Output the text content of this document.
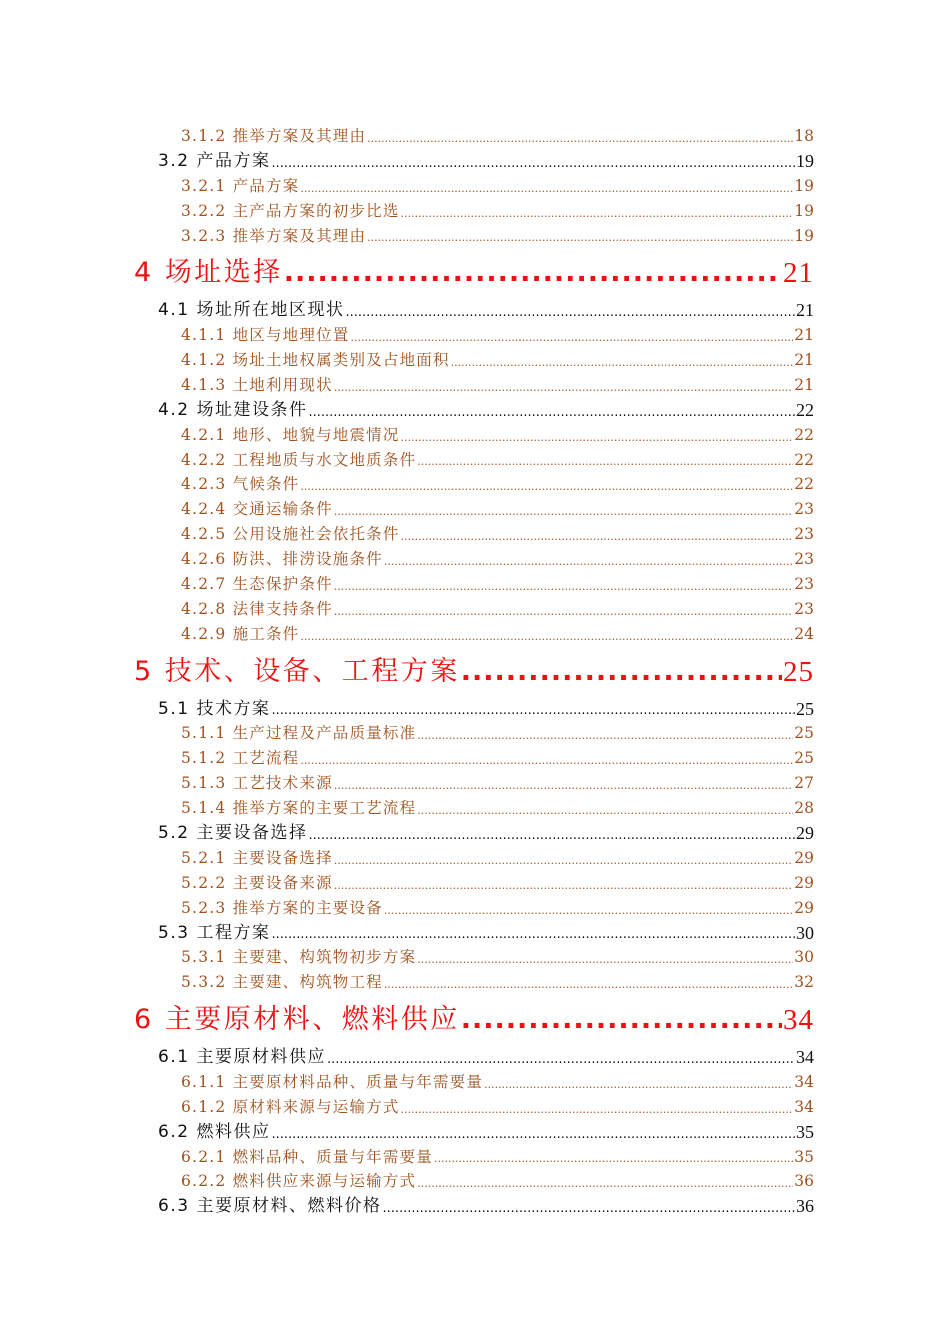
3.1.2 推举方案及其理由 .....	18
3.2 产品方案 .....	19
3.2.1 产品方案 .....	19
3.2.2 主产品方案的初步比选 .....	19
3.2.3 推举方案及其理由 .....	19
4 场址选择 .....	21
4.1 场址所在地区现状 .....	21
4.1.1 地区与地理位置 .....	21
4.1.2 场址土地权属类别及占地面积 .....	21
4.1.3 土地利用现状 .....	21
4.2 场址建设条件 .....	22
4.2.1 地形、地貌与地震情况 .....	22
4.2.2 工程地质与水文地质条件 .....	22
4.2.3 气候条件 .....	22
4.2.4 交通运输条件 .....	23
4.2.5 公用设施社会依托条件 .....	23
4.2.6 防洪、排涝设施条件 .....	23
4.2.7 生态保护条件 .....	23
4.2.8 法律支持条件 .....	23
4.2.9 施工条件 .....	24
5 技术、设备、工程方案 .....	25
5.1 技术方案 .....	25
5.1.1 生产过程及产品质量标准 .....	25
5.1.2 工艺流程 .....	25
5.1.3 工艺技术来源 .....	27
5.1.4 推举方案的主要工艺流程 .....	28
5.2 主要设备选择 .....	29
5.2.1 主要设备选择 .....	29
5.2.2 主要设备来源 .....	29
5.2.3 推举方案的主要设备 .....	29
5.3 工程方案 .....	30
5.3.1 主要建、构筑物初步方案 .....	30
5.3.2 主要建、构筑物工程 .....	32
6 主要原材料、燃料供应 .....	34
6.1 主要原材料供应 .....	34
6.1.1 主要原材料品种、质量与年需要量 .....	34
6.1.2 原材料来源与运输方式 .....	34
6.2 燃料供应 .....	35
6.2.1 燃料品种、质量与年需要量 .....	35
6.2.2 燃料供应来源与运输方式 .....	36
6.3 主要原材料、燃料价格 .....	36
